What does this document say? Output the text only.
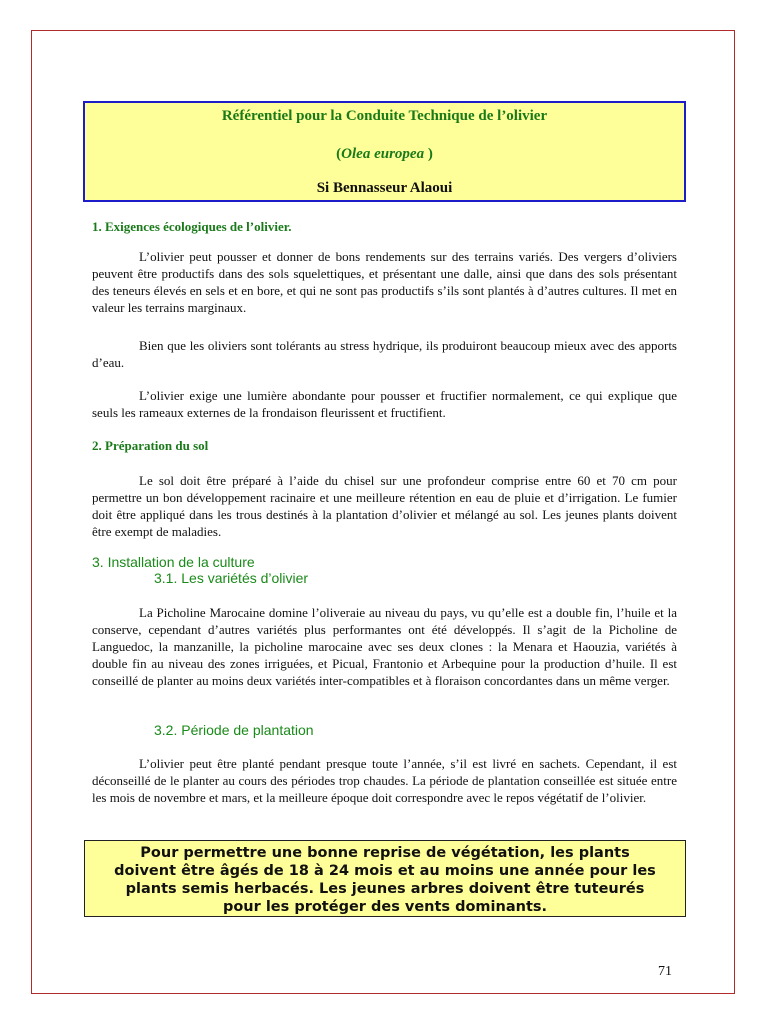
Référentiel pour la Conduite Technique de l’olivier
(Olea europea )
Si Bennasseur Alaoui
1. Exigences écologiques de l’olivier.
L’olivier peut pousser et donner de bons rendements sur des terrains variés. Des vergers d’oliviers peuvent être productifs dans des sols squelettiques, et présentant une dalle, ainsi que dans des sols présentant des teneurs élevés en sels et en bore, et qui ne sont pas productifs s’ils sont plantés à d’autres cultures. Il met en valeur les terrains marginaux.
Bien que les oliviers sont tolérants au stress hydrique, ils produiront beaucoup mieux avec des apports d’eau.
L’olivier exige une lumière abondante pour pousser et fructifier normalement, ce qui explique que seuls les rameaux externes de la frondaison fleurissent et fructifient.
2. Préparation du sol
Le sol doit être préparé à l’aide du chisel sur une profondeur comprise entre 60 et 70 cm pour permettre un bon développement racinaire et une meilleure rétention en eau de pluie et d’irrigation. Le fumier doit être appliqué dans les trous destinés à la plantation d’olivier et mélangé au sol. Les jeunes plants doivent être exempt de maladies.
3. Installation de la culture
3.1. Les variétés d’olivier
La Picholine Marocaine domine l’oliveraie au niveau du pays, vu qu’elle est a double fin, l’huile et la conserve, cependant d’autres variétés plus performantes ont été développés. Il s’agit de la Picholine de Languedoc, la manzanille, la picholine marocaine avec ses deux clones : la Menara et Haouzia, variétés à double fin au niveau des zones irriguées, et Picual, Frantonio et Arbequine pour la production d’huile. Il est conseillé de planter au moins deux variétés inter-compatibles et à floraison concordantes dans un même verger.
3.2. Période de plantation
L’olivier peut être planté pendant presque toute l’année, s’il est livré en sachets. Cependant, il est déconseillé de le planter au cours des périodes trop chaudes. La période de plantation conseillée est située entre les mois de novembre et mars, et la meilleure époque doit correspondre avec le repos végétatif de l’olivier.
Pour permettre une bonne reprise de végétation, les plants
doivent être âgés de 18 à 24 mois et au moins une année pour les
plants semis herbacés. Les jeunes arbres doivent être tuteurés
pour les protéger des vents dominants.
71
